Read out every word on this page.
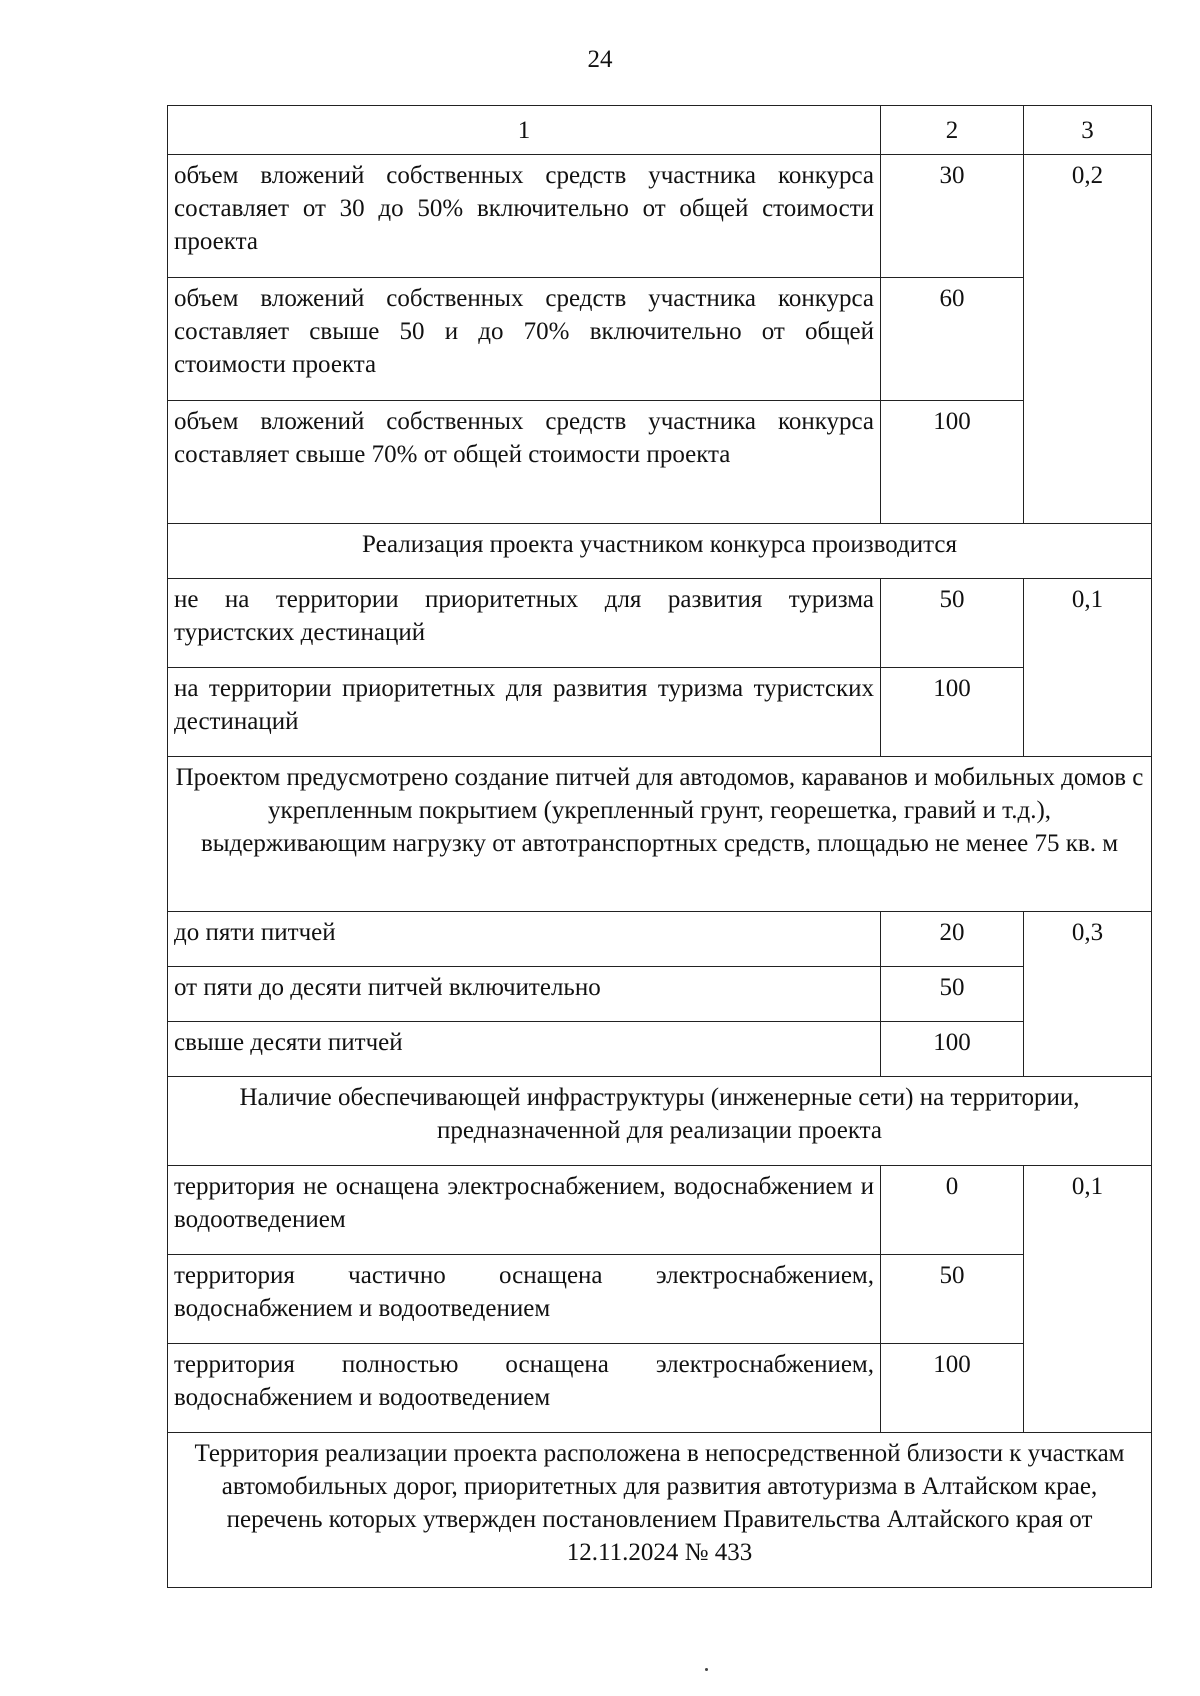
24
1	2	3
объем вложений собственных средств участника конкурса составляет от 30 до 50% включительно от общей стоимости проекта	30	0,2
объем вложений собственных средств участника конкурса составляет свыше 50 и до 70% включительно от общей стоимости проекта	60	
объем вложений собственных средств участника конкурса составляет свыше 70% от общей стоимости проекта	100	
Реализация проекта участником конкурса производится		
не на территории приоритетных для развития туризма туристских дестинаций	50	0,1
на территории приоритетных для развития туризма туристских дестинаций	100	
Проектом предусмотрено создание питчей для автодомов, караванов и мобильных домов с укрепленным покрытием (укрепленный грунт, георешетка, гравий и т.д.), выдерживающим нагрузку от автотранспортных средств, площадью не менее 75 кв. м		
до пяти питчей	20	0,3
от пяти до десяти питчей включительно	50	
свыше десяти питчей	100	
Наличие обеспечивающей инфраструктуры (инженерные сети) на территории, предназначенной для реализации проекта		
территория не оснащена электроснабжением, водоснабжением и водоотведением	0	0,1
территория частично оснащена электроснабжением, водоснабжением и водоотведением	50	
территория полностью оснащена электроснабжением, водоснабжением и водоотведением	100	
Территория реализации проекта расположена в непосредственной близости к участкам автомобильных дорог, приоритетных для развития автотуризма в Алтайском крае, перечень которых утвержден постановлением Правительства Алтайского края от 12.11.2024 № 433		
